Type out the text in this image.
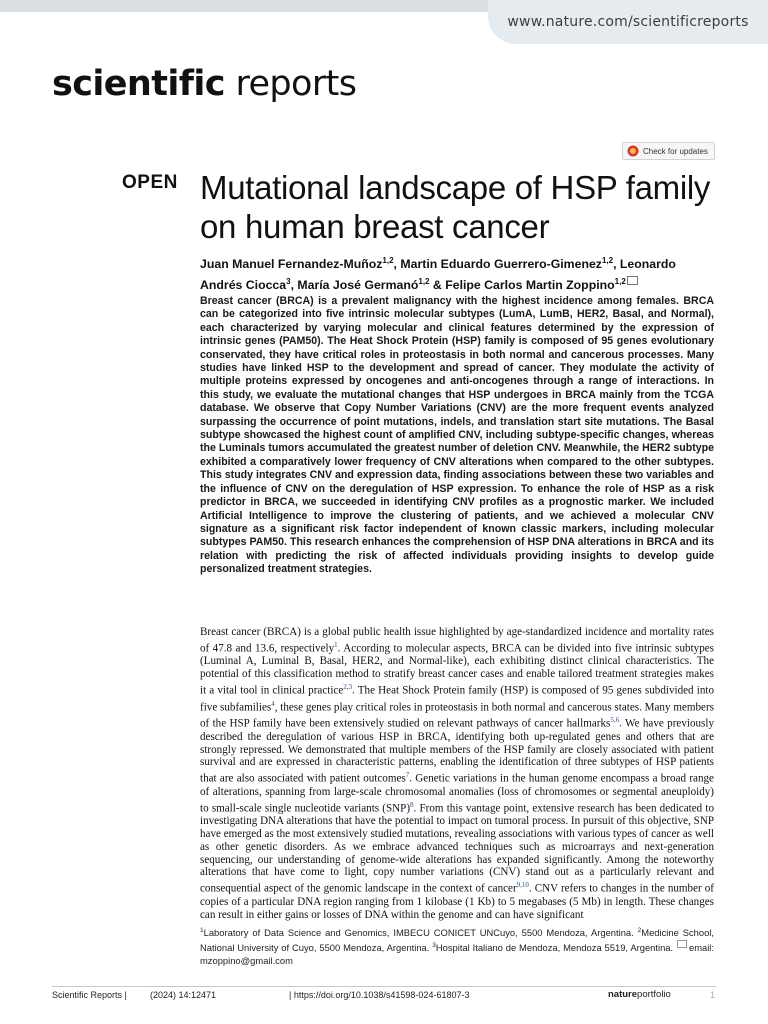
www.nature.com/scientificreports
scientific reports
Check for updates
OPEN Mutational landscape of HSP family on human breast cancer
Juan Manuel Fernandez-Muñoz$^{1,2}$, Martin Eduardo Guerrero-Gimenez$^{1,2}$, Leonardo Andrés Ciocca$^3$, María José Germanó$^{1,2}$ & Felipe Carlos Martin Zoppino$^{1,2}$
Breast cancer (BRCA) is a prevalent malignancy with the highest incidence among females. BRCA can be categorized into five intrinsic molecular subtypes (LumA, LumB, HER2, Basal, and Normal), each characterized by varying molecular and clinical features determined by the expression of intrinsic genes (PAM50). The Heat Shock Protein (HSP) family is composed of 95 genes evolutionary conservated, they have critical roles in proteostasis in both normal and cancerous processes. Many studies have linked HSP to the development and spread of cancer. They modulate the activity of multiple proteins expressed by oncogenes and anti-oncogenes through a range of interactions. In this study, we evaluate the mutational changes that HSP undergoes in BRCA mainly from the TCGA database. We observe that Copy Number Variations (CNV) are the more frequent events analyzed surpassing the occurrence of point mutations, indels, and translation start site mutations. The Basal subtype showcased the highest count of amplified CNV, including subtype-specific changes, whereas the Luminals tumors accumulated the greatest number of deletion CNV. Meanwhile, the HER2 subtype exhibited a comparatively lower frequency of CNV alterations when compared to the other subtypes. This study integrates CNV and expression data, finding associations between these two variables and the influence of CNV on the deregulation of HSP expression. To enhance the role of HSP as a risk predictor in BRCA, we succeeded in identifying CNV profiles as a prognostic marker. We included Artificial Intelligence to improve the clustering of patients, and we achieved a molecular CNV signature as a significant risk factor independent of known classic markers, including molecular subtypes PAM50. This research enhances the comprehension of HSP DNA alterations in BRCA and its relation with predicting the risk of affected individuals providing insights to develop guide personalized treatment strategies.

Breast cancer (BRCA) is a global public health issue highlighted by age-standardized incidence and mortality rates of 47.8 and 13.6, respectively$^1$. According to molecular aspects, BRCA can be divided into five intrinsic subtypes (Luminal A, Luminal B, Basal, HER2, and Normal-like), each exhibiting distinct clinical characteristics. The potential of this classification method to stratify breast cancer cases and enable tailored treatment strategies makes it a vital tool in clinical practice$^{2,3}$. The Heat Shock Protein family (HSP) is composed of 95 genes subdivided into five subfamilies$^4$, these genes play critical roles in proteostasis in both normal and cancerous states. Many members of the HSP family have been extensively studied on relevant pathways of cancer hallmarks$^{5,6}$. We have previously described the deregulation of various HSP in BRCA, identifying both up-regulated genes and others that are strongly repressed. We demonstrated that multiple members of the HSP family are closely associated with patient survival and are expressed in characteristic patterns, enabling the identification of three subtypes of HSP patients that are also associated with patient outcomes$^7$. Genetic variations in the human genome encompass a broad range of alterations, spanning from large-scale chromosomal anomalies (loss of chromosomes or segmental aneuploidy) to small-scale single nucleotide variants (SNP)$^8$. From this vantage point, extensive research has been dedicated to investigating DNA alterations that have the potential to impact on tumoral process. In pursuit of this objective, SNP have emerged as the most extensively studied mutations, revealing associations with various types of cancer as well as other genetic disorders. As we embrace advanced techniques such as microarrays and next-generation sequencing, our understanding of genome-wide alterations has expanded significantly. Among the noteworthy alterations that have come to light, copy number variations (CNV) stand out as a particularly relevant and consequential aspect of the genomic landscape in the context of cancer$^{9,10}$. CNV refers to changes in the number of copies of a particular DNA region ranging from 1 kilobase (1 Kb) to 5 megabases (5 Mb) in length. These changes can result in either gains or losses of DNA within the genome and can have significant

$^1$Laboratory of Data Science and Genomics, IMBECU CONICET UNCuyo, 5500 Mendoza, Argentina. $^2$Medicine School, National University of Cuyo, 5500 Mendoza, Argentina. $^3$Hospital Italiano de Mendoza, Mendoza 5519, Argentina. email: mzoppino@gmail.com
Scientific Reports |	(2024) 14:12471	| https://doi.org/10.1038/s41598-024-61807-3	natureportfolio	1
